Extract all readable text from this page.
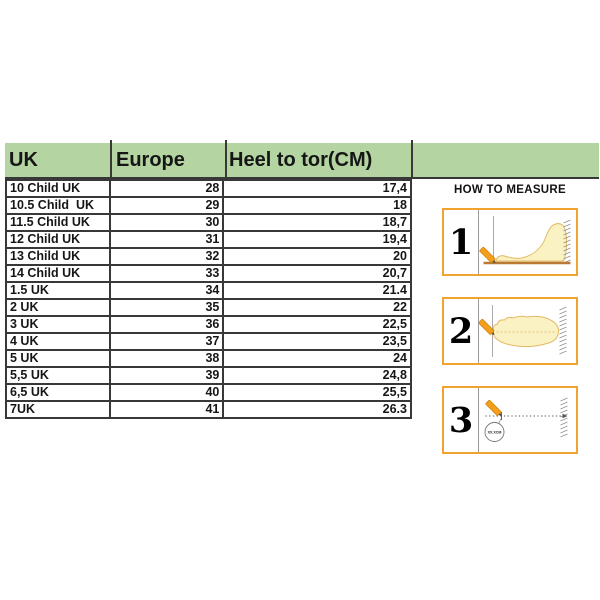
UK	Europe	Heel to tor(CM)
10 Child UK	28	17,4
10.5 Child  UK	29	18
11.5 Child UK	30	18,7
12 Child UK	31	19,4
13 Child UK	32	20
14 Child UK	33	20,7
1.5 UK	34	21.4
2 UK	35	22
3 UK	36	22,5
4 UK	37	23,5
5 UK	38	24
5,5 UK	39	24,8
6,5 UK	40	25,5
7UK	41	26.3
HOW TO MEASURE
1
2
3	XX.XCM
